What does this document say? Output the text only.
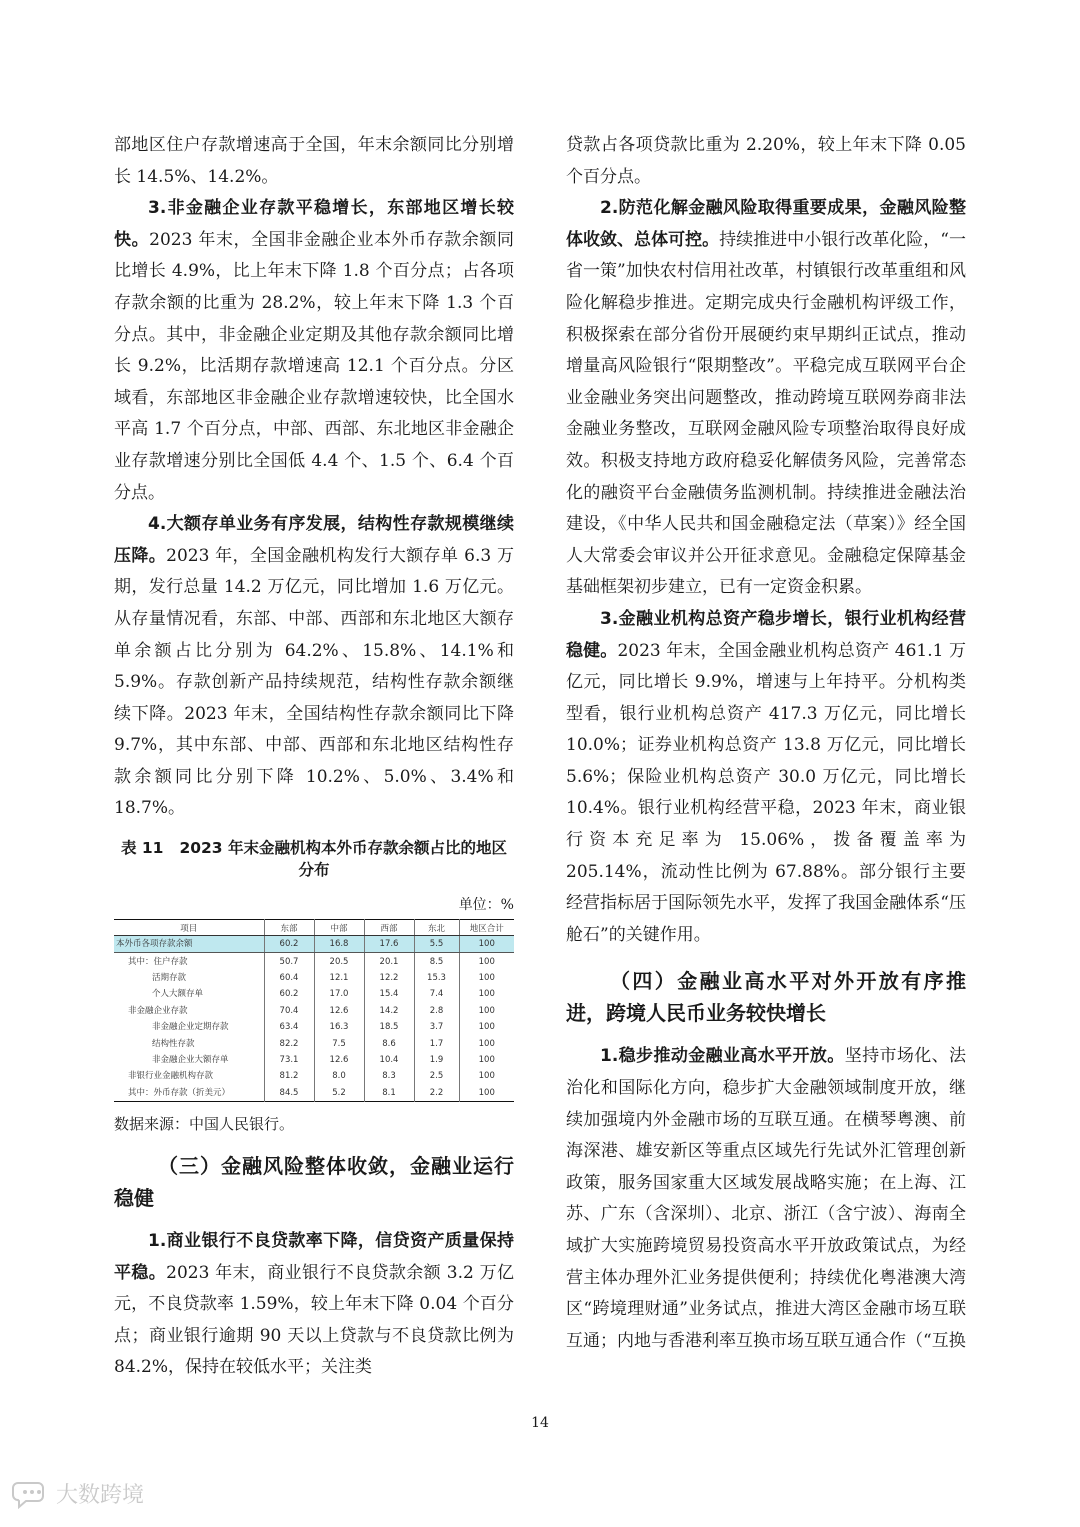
部地区住户存款增速高于全国，年末余额同比分别增长 14.5%、14.2%。

3.非金融企业存款平稳增长，东部地区增长较快。2023 年末，全国非金融企业本外币存款余额同比增长 4.9%，比上年末下降 1.8 个百分点；占各项存款余额的比重为 28.2%，较上年末下降 1.3 个百分点。其中，非金融企业定期及其他存款余额同比增长 9.2%，比活期存款增速高 12.1 个百分点。分区域看，东部地区非金融企业存款增速较快，比全国水平高 1.7 个百分点，中部、西部、东北地区非金融企业存款增速分别比全国低 4.4 个、1.5 个、6.4 个百分点。

4.大额存单业务有序发展，结构性存款规模继续压降。2023 年，全国金融机构发行大额存单 6.3 万期，发行总量 14.2 万亿元，同比增加 1.6 万亿元。从存量情况看，东部、中部、西部和东北地区大额存单余额占比分别为 64.2%、15.8%、14.1%和 5.9%。存款创新产品持续规范，结构性存款余额继续下降。2023 年末，全国结构性存款余额同比下降 9.7%，其中东部、中部、西部和东北地区结构性存款余额同比分别下降 10.2%、5.0%、3.4%和 18.7%。

表 11 2023 年末金融机构本外币存款余额占比的地区分布
单位：%
项目	东部	中部	西部	东北	地区合计
本外币各项存款余额	60.2	16.8	17.6	5.5	100
其中：住户存款	50.7	20.5	20.1	8.5	100
活期存款	60.4	12.1	12.2	15.3	100
个人大额存单	60.2	17.0	15.4	7.4	100
非金融企业存款	70.4	12.6	14.2	2.8	100
非金融企业定期存款	63.4	16.3	18.5	3.7	100
结构性存款	82.2	7.5	8.6	1.7	100
非金融企业大额存单	73.1	12.6	10.4	1.9	100
非银行业金融机构存款	81.2	8.0	8.3	2.5	100
其中：外币存款（折美元）	84.5	5.2	8.1	2.2	100

数据来源：中国人民银行。

（三）金融风险整体收敛，金融业运行稳健

1.商业银行不良贷款率下降，信贷资产质量保持平稳。2023 年末，商业银行不良贷款余额 3.2 万亿元，不良贷款率 1.59%，较上年末下降 0.04 个百分点；商业银行逾期 90 天以上贷款与不良贷款比例为 84.2%，保持在较低水平；关注类

贷款占各项贷款比重为 2.20%，较上年末下降 0.05 个百分点。

2.防范化解金融风险取得重要成果，金融风险整体收敛、总体可控。持续推进中小银行改革化险，“一省一策”加快农村信用社改革，村镇银行改革重组和风险化解稳步推进。定期完成央行金融机构评级工作，积极探索在部分省份开展硬约束早期纠正试点，推动增量高风险银行“限期整改”。平稳完成互联网平台企业金融业务突出问题整改，推动跨境互联网券商非法金融业务整改，互联网金融风险专项整治取得良好成效。积极支持地方政府稳妥化解债务风险，完善常态化的融资平台金融债务监测机制。持续推进金融法治建设，《中华人民共和国金融稳定法（草案）》经全国人大常委会审议并公开征求意见。金融稳定保障基金基础框架初步建立，已有一定资金积累。

3.金融业机构总资产稳步增长，银行业机构经营稳健。2023 年末，全国金融业机构总资产 461.1 万亿元，同比增长 9.9%，增速与上年持平。分机构类型看，银行业机构总资产 417.3 万亿元，同比增长 10.0%；证券业机构总资产 13.8 万亿元，同比增长 5.6%；保险业机构总资产 30.0 万亿元，同比增长 10.4%。银行业机构经营平稳，2023 年末，商业银行资本充足率为 15.06%，拨备覆盖率为 205.14%，流动性比例为 67.88%。部分银行主要经营指标居于国际领先水平，发挥了我国金融体系“压舱石”的关键作用。

（四）金融业高水平对外开放有序推进，跨境人民币业务较快增长

1.稳步推动金融业高水平开放。坚持市场化、法治化和国际化方向，稳步扩大金融领域制度开放，继续加强境内外金融市场的互联互通。在横琴粤澳、前海深港、雄安新区等重点区域先行先试外汇管理创新政策，服务国家重大区域发展战略实施；在上海、江苏、广东（含深圳）、北京、浙江（含宁波）、海南全域扩大实施跨境贸易投资高水平开放政策试点，为经营主体办理外汇业务提供便利；持续优化粤港澳大湾区“跨境理财通”业务试点，推进大湾区金融市场互联互通；内地与香港利率互换市场互联互通合作（“互换

14
大数跨境
